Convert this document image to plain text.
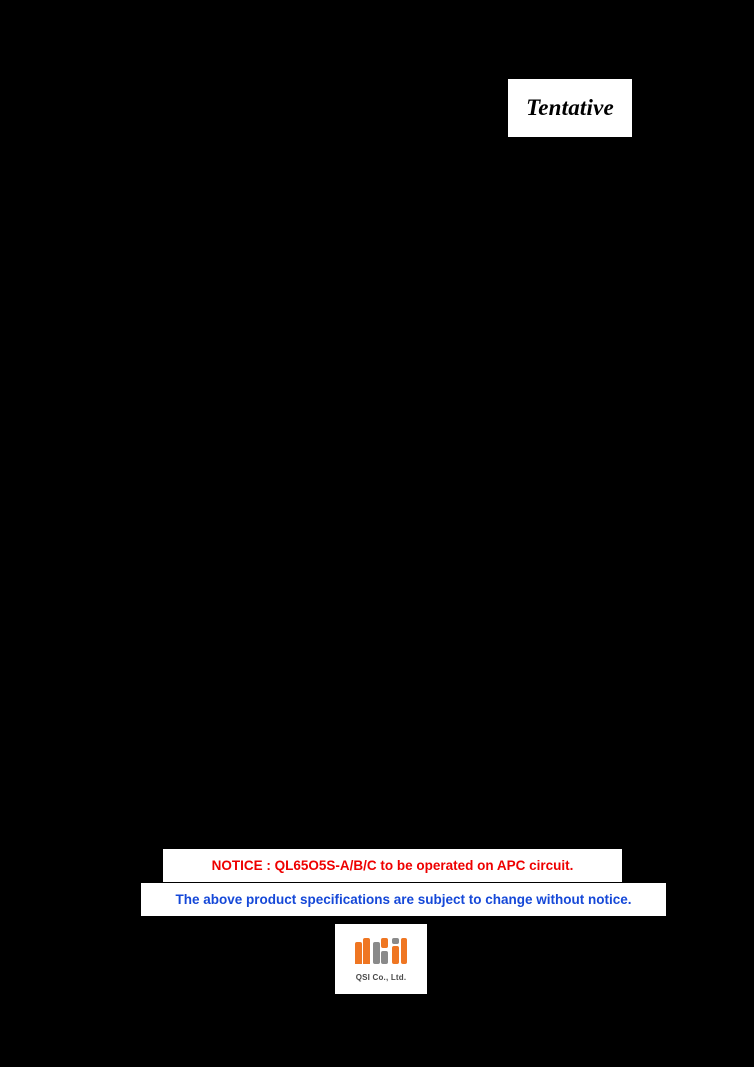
Tentative
NOTICE : QL65O5S-A/B/C to be operated on APC circuit.
The above product specifications are subject to change without notice.
QSI Co., Ltd.
